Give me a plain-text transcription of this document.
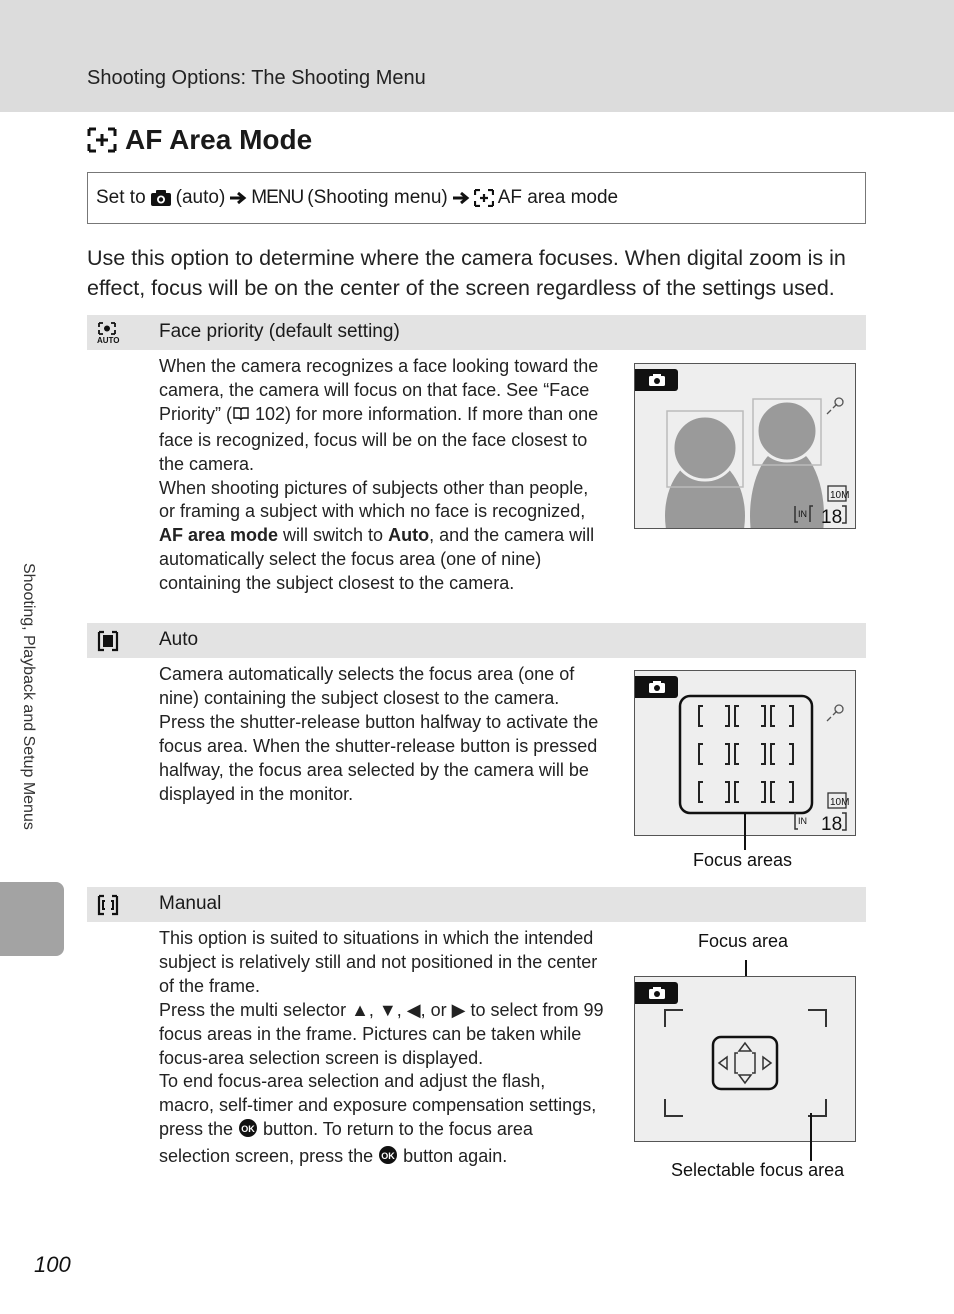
Shooting Options: The Shooting Menu
AF Area Mode
Set to (auto) MENU (Shooting menu)	AF area mode
Use this option to determine where the camera focuses. When digital zoom is in effect, focus will be on the center of the screen regardless of the settings used.
AUTO Face priority (default setting)

When the camera recognizes a face looking toward the camera, the camera will focus on that face. See “Face Priority” ( 102) for more information. If more than one face is recognized, focus will be on the face closest to the camera.

When shooting pictures of subjects other than people, or framing a subject with which no face is recognized, AF area mode will switch to Auto, and the camera will automatically select the focus area (one of nine) containing the subject closest to the camera.

10M
IN 18
Auto

Camera automatically selects the focus area (one of nine) containing the subject closest to the camera. Press the shutter-release button halfway to activate the focus area. When the shutter-release button is pressed halfway, the focus area selected by the camera will be displayed in the monitor.	10M
IN 18
Focus areas
Manual

This option is suited to situations in which the intended subject is relatively still and not positioned in the center of the frame.

Press the multi selector ▲, ▼, ◀, or ▶ to select from 99 focus areas in the frame. Pictures can be taken while focus-area selection screen is displayed.

To end focus-area selection and adjust the flash, macro, self-timer and exposure compensation settings, press the OK button. To return to the focus area selection screen, press the OK button again.

Focus area
Selectable focus area
Shooting, Playback and Setup Menus
100
